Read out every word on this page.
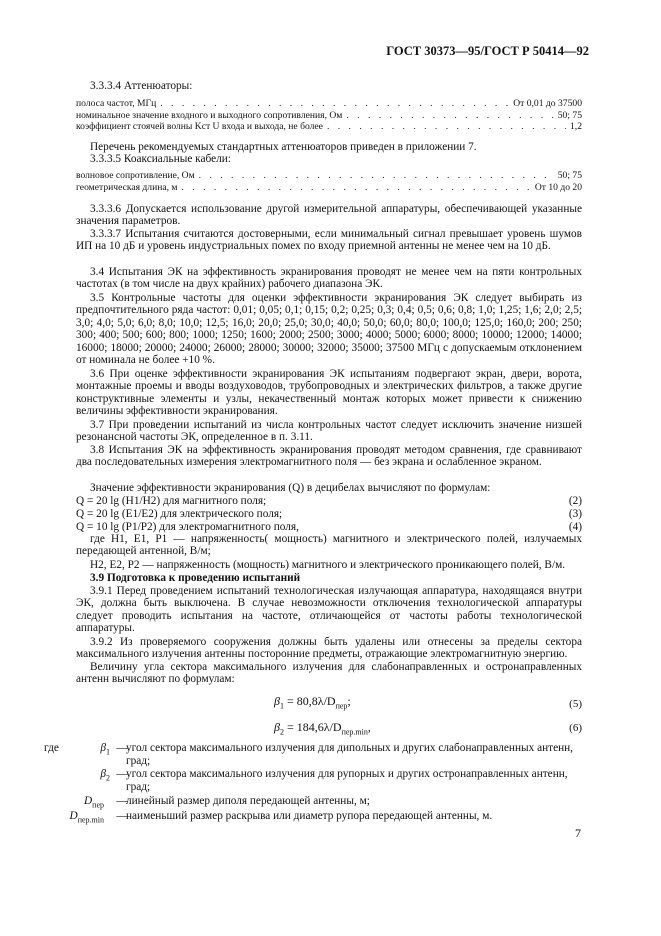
ГОСТ 30373—95/ГОСТ Р 50414—92
3.3.3.4 Аттенюаторы:
полоса частот, МГц . . .	От 0,01 до 37500
номинальное значение входного и выходного сопротивления, Ом . . .	50; 75
коэффициент стоячей волны Kст U входа и выхода, не более . . .	1,2
Перечень рекомендуемых стандартных аттенюаторов приведен в приложении 7.
3.3.3.5 Коаксиальные кабели:
волновое сопротивление, Ом . . .	50; 75
геометрическая длина, м . . .	От 10 до 20
3.3.3.6 Допускается использование другой измерительной аппаратуры, обеспечивающей указанные значения параметров.
3.3.3.7 Испытания считаются достоверными, если минимальный сигнал превышает уровень шумов ИП на 10 дБ и уровень индустриальных помех по входу приемной антенны не менее чем на 10 дБ.
3.4 Испытания ЭК на эффективность экранирования проводят не менее чем на пяти контрольных частотах (в том числе на двух крайних) рабочего диапазона ЭК.
3.5 Контрольные частоты для оценки эффективности экранирования ЭК следует выбирать из предпочтительного ряда частот: 0,01; 0,05; 0,1; 0,15; 0,2; 0,25; 0,3; 0,4; 0,5; 0,6; 0,8; 1,0; 1,25; 1,6; 2,0; 2,5; 3,0; 4,0; 5,0; 6,0; 8,0; 10,0; 12,5; 16,0; 20,0; 25,0; 30,0; 40,0; 50,0; 60,0; 80,0; 100,0; 125,0; 160,0; 200; 250; 300; 400; 500; 600; 800; 1000; 1250; 1600; 2000; 2500; 3000; 4000; 5000; 6000; 8000; 10000; 12000; 14000; 16000; 18000; 20000; 24000; 26000; 28000; 30000; 32000; 35000; 37500 МГц с допускаемым отклонением от номинала не более +10 %.
3.6 При оценке эффективности экранирования ЭК испытаниям подвергают экран, двери, ворота, монтажные проемы и вводы воздуховодов, трубопроводных и электрических фильтров, а также другие конструктивные элементы и узлы, некачественный монтаж которых может привести к снижению величины эффективности экранирования.
3.7 При проведении испытаний из числа контрольных частот следует исключить значение низшей резонансной частоты ЭК, определенное в п. 3.11.
3.8 Испытания ЭК на эффективность экранирования проводят методом сравнения, где сравнивают два последовательных измерения электромагнитного поля — без экрана и ослабленное экраном.
Значение эффективности экранирования (Q) в децибелах вычисляют по формулам:
Q = 20 lg (H1/H2) для магнитного поля;	(2)
Q = 20 lg (E1/E2) для электрического поля;	(3)
Q = 10 lg (P1/P2) для электромагнитного поля,	(4)
где H1, E1, P1 — напряженность( мощность) магнитного и электрического полей, излучаемых передающей антенной, В/м;
H2, E2, P2 — напряженность (мощность) магнитного и электрического проникающего полей, В/м.
3.9 Подготовка к проведению испытаний
3.9.1 Перед проведением испытаний технологическая излучающая аппаратура, находящаяся внутри ЭК, должна быть выключена. В случае невозможности отключения технологической аппаратуры следует проводить испытания на частоте, отличающейся от частоты работы технологической аппаратуры.
3.9.2 Из проверяемого сооружения должны быть удалены или отнесены за пределы сектора максимального излучения антенны посторонние предметы, отражающие электромагнитную энергию.
Величину угла сектора максимального излучения для слабонаправленных и остронаправленных антенн вычисляют по формулам:
$\beta_1 = 80,8\lambda/D_{пер}$;	(5)
$\beta_2 = 184,6\lambda/D_{пер.min}$,	(6)
где	$\beta_1$ —
угол сектора максимального излучения для дипольных и других слабонаправленных антенн, град;
$\beta_2$ —
угол сектора максимального излучения для рупорных и других остронаправленных антенн, град;
$D_{пер}$ —
линейный размер диполя передающей антенны, м;
$D_{пер.min}$ —
наименьший размер раскрыва или диаметр рупора передающей антенны, м.
7
